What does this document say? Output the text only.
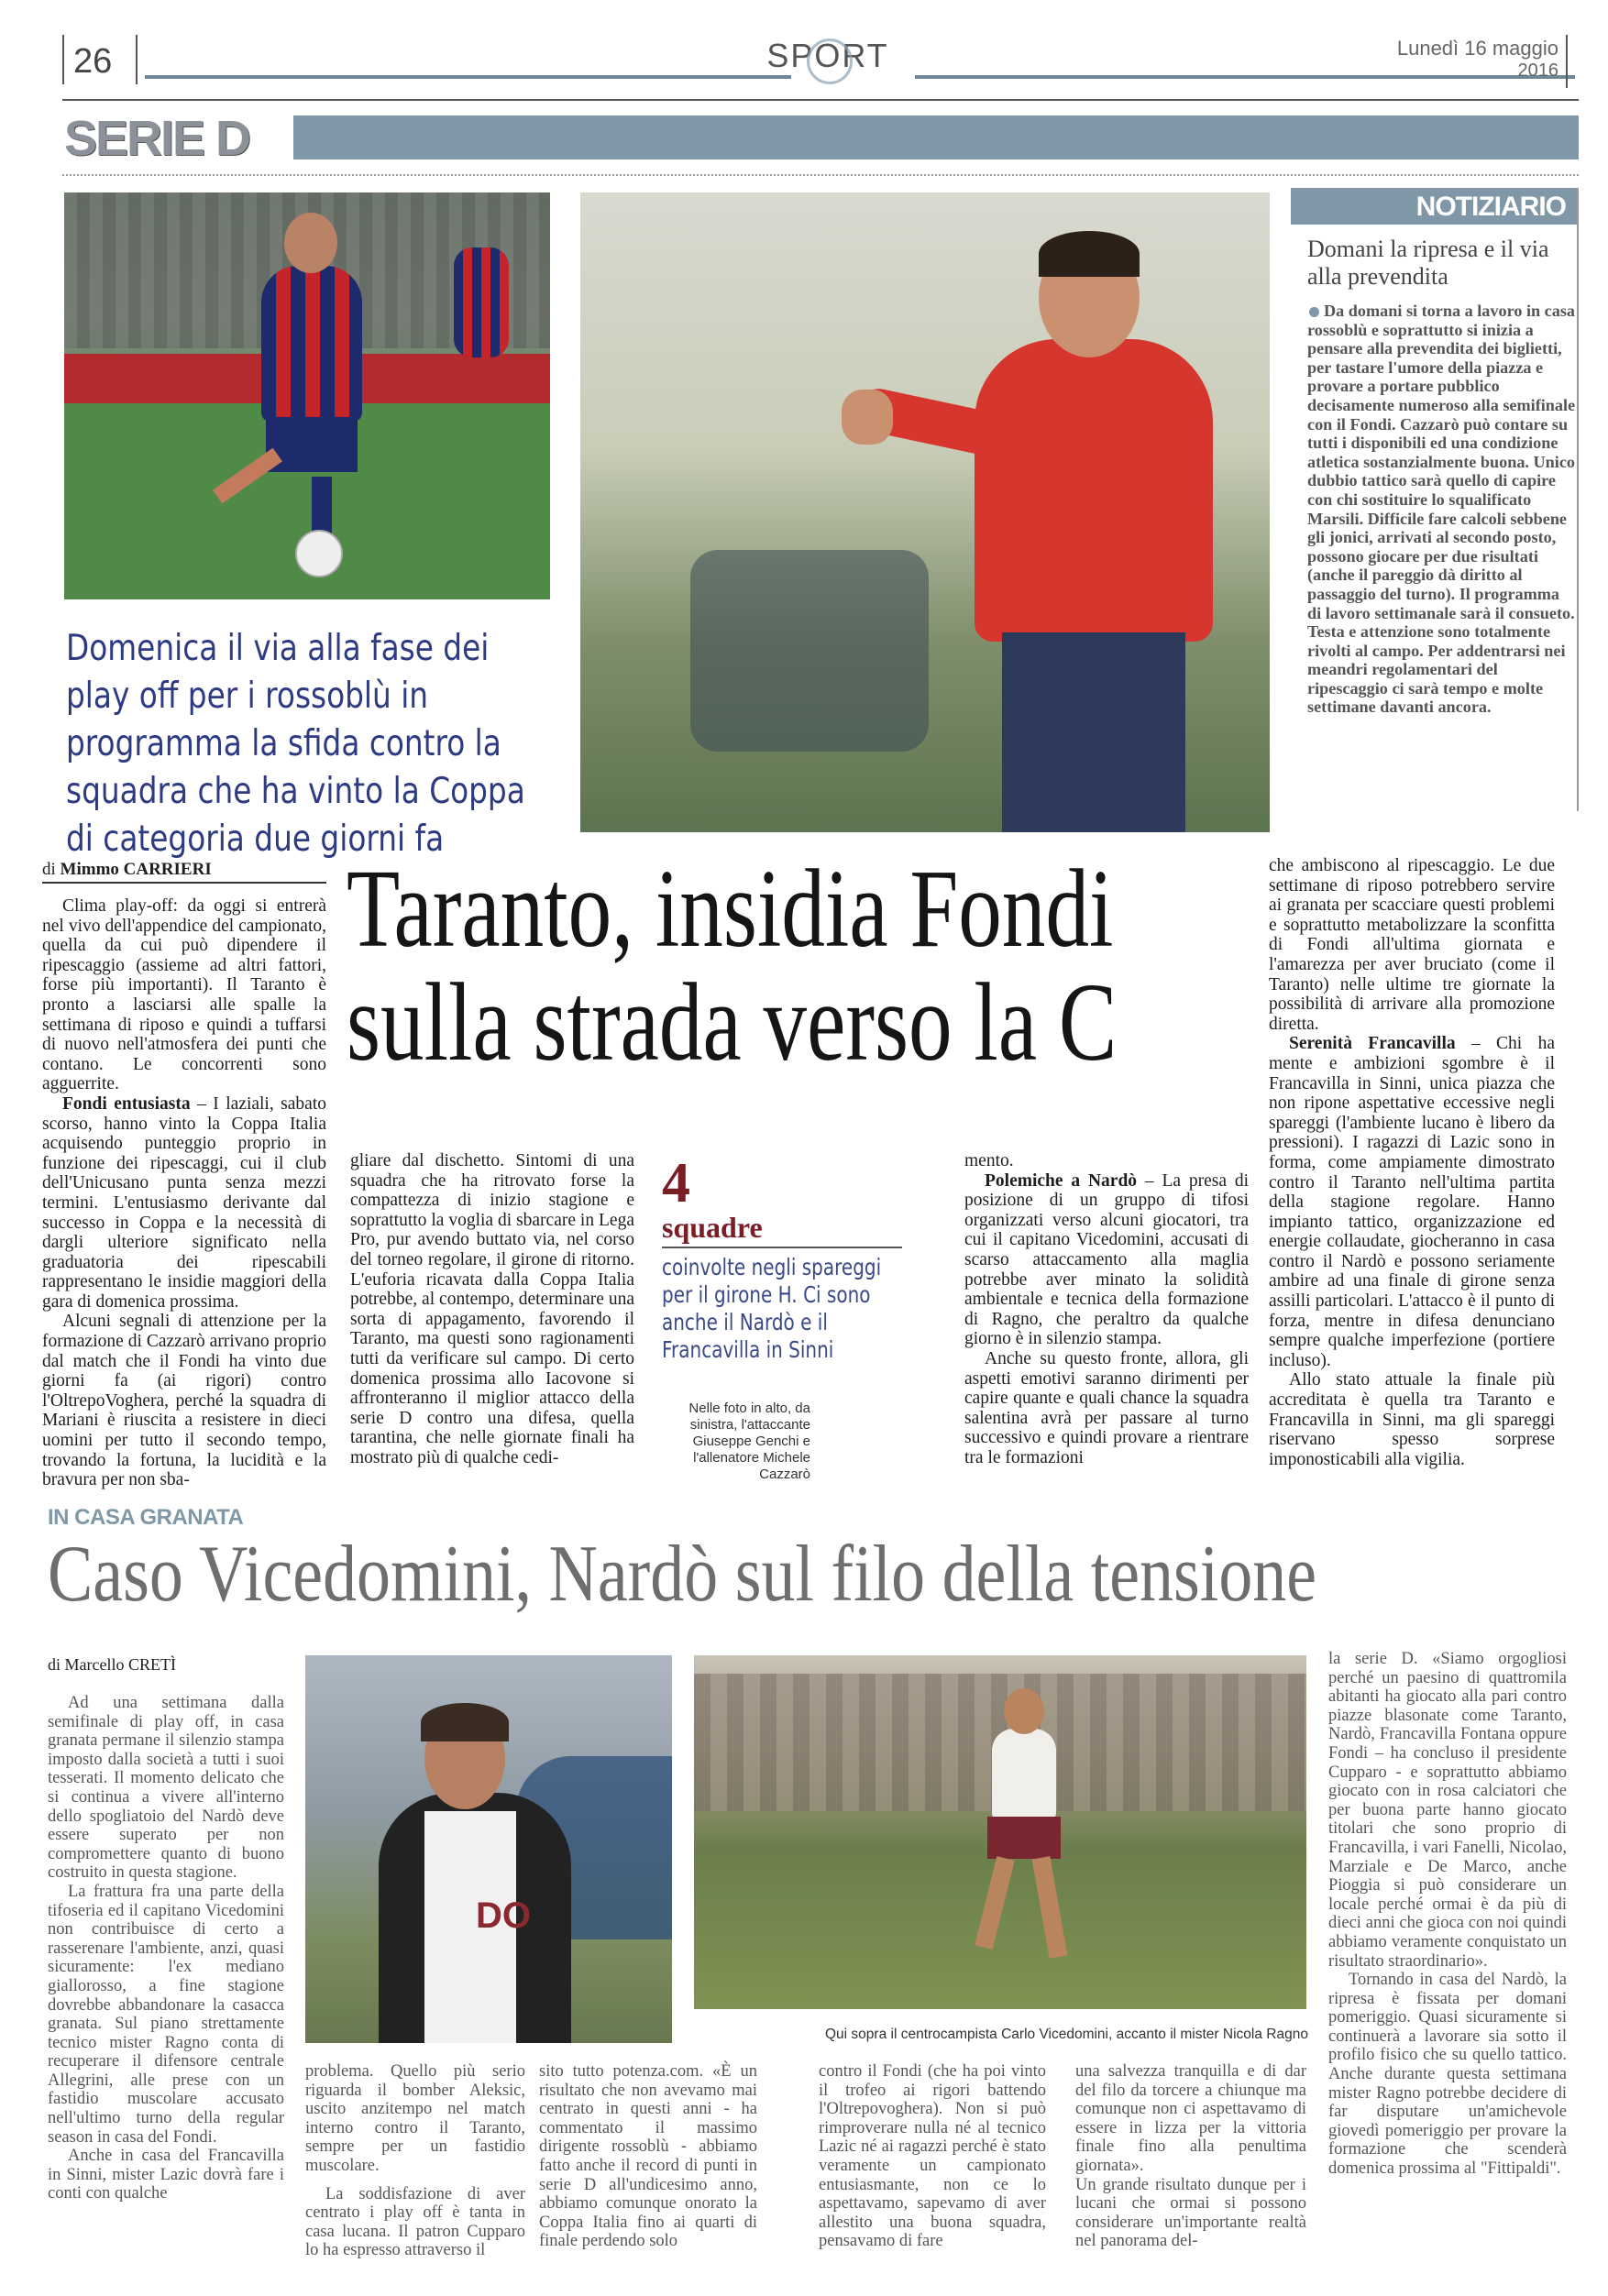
26	SPORT	Lunedì 16 maggio
2016
SERIE D
Domenica il via alla fase dei play off per i rossoblù in programma la sfida contro la squadra che ha vinto la Coppa di categoria due giorni fa
NOTIZIARIO
Domani la ripresa e il via alla prevendita
Da domani si torna a lavoro in casa rossoblù e soprattutto si inizia a pensare alla prevendita dei biglietti, per tastare l'umore della piazza e provare a portare pubblico decisamente numeroso alla semifinale con il Fondi. Cazzarò può contare su tutti i disponibili ed una condizione atletica sostanzialmente buona. Unico dubbio tattico sarà quello di capire con chi sostituire lo squalificato Marsili. Difficile fare calcoli sebbene gli jonici, arrivati al secondo posto, possono giocare per due risultati (anche il pareggio dà diritto al passaggio del turno). Il programma di lavoro settimanale sarà il consueto. Testa e attenzione sono totalmente rivolti al campo. Per addentrarsi nei meandri regolamentari del ripescaggio ci sarà tempo e molte settimane davanti ancora.
di Mimmo CARRIERI

Clima play-off: da oggi si entrerà nel vivo dell'appendice del campionato, quella da cui può dipendere il ripescaggio (assieme ad altri fattori, forse più importanti). Il Taranto è pronto a lasciarsi alle spalle la settimana di riposo e quindi a tuffarsi di nuovo nell'atmosfera dei punti che contano. Le concorrenti sono agguerrite.

Fondi entusiasta – I laziali, sabato scorso, hanno vinto la Coppa Italia acquisendo punteggio proprio in funzione dei ripescaggi, cui il club dell'Unicusano punta senza mezzi termini. L'entusiasmo derivante dal successo in Coppa e la necessità di dargli ulteriore significato nella graduatoria dei ripescabili rappresentano le insidie maggiori della gara di domenica prossima.

Alcuni segnali di attenzione per la formazione di Cazzarò arrivano proprio dal match che il Fondi ha vinto due giorni fa (ai rigori) contro l'OltrepoVoghera, perché la squadra di Mariani è riuscita a resistere in dieci uomini per tutto il secondo tempo, trovando la fortuna, la lucidità e la bravura per non sba-

Taranto, insidia Fondi sulla strada verso la C
gliare dal dischetto. Sintomi di una squadra che ha ritrovato forse la compattezza di inizio stagione e soprattutto la voglia di sbarcare in Lega Pro, pur avendo buttato via, nel corso del torneo regolare, il girone di ritorno. L'euforia ricavata dalla Coppa Italia potrebbe, al contempo, determinare una sorta di appagamento, favorendo il Taranto, ma questi sono ragionamenti tutti da verificare sul campo. Di certo domenica prossima allo Iacovone si affronteranno il miglior attacco della serie D contro una difesa, quella tarantina, che nelle giornate finali ha mostrato più di qualche cedi-
4
squadre
coinvolte negli spareggi per il girone H. Ci sono anche il Nardò e il Francavilla in Sinni
Nelle foto in alto, da sinistra, l'attaccante Giuseppe Genchi e l'allenatore Michele Cazzarò

mento.

Polemiche a Nardò – La presa di posizione di un gruppo di tifosi organizzati verso alcuni giocatori, tra cui il capitano Vicedomini, accusati di scarso attaccamento alla maglia potrebbe aver minato la solidità ambientale e tecnica della formazione di Ragno, che peraltro da qualche giorno è in silenzio stampa.

Anche su questo fronte, allora, gli aspetti emotivi saranno dirimenti per capire quante e quali chance la squadra salentina avrà per passare al turno successivo e quindi provare a rientrare tra le formazioni

che ambiscono al ripescaggio. Le due settimane di riposo potrebbero servire ai granata per scacciare questi problemi e soprattutto metabolizzare la sconfitta di Fondi all'ultima giornata e l'amarezza per aver bruciato (come il Taranto) nelle ultime tre giornate la possibilità di arrivare alla promozione diretta.

Serenità Francavilla – Chi ha mente e ambizioni sgombre è il Francavilla in Sinni, unica piazza che non ripone aspettative eccessive negli spareggi (l'ambiente lucano è libero da pressioni). I ragazzi di Lazic sono in forma, come ampiamente dimostrato contro il Taranto nell'ultima partita della stagione regolare. Hanno impianto tattico, organizzazione ed energie collaudate, giocheranno in casa contro il Nardò e possono seriamente ambire ad una finale di girone senza assilli particolari. L'attacco è il punto di forza, mentre in difesa denunciano sempre qualche imperfezione (portiere incluso).

Allo stato attuale la finale più accreditata è quella tra Taranto e Francavilla in Sinni, ma gli spareggi riservano spesso sorprese imponosticabili alla vigilia.

IN CASA GRANATA
Caso Vicedomini, Nardò sul filo della tensione
di Marcello CRETÌ

Ad una settimana dalla semifinale di play off, in casa granata permane il silenzio stampa imposto dalla società a tutti i suoi tesserati. Il momento delicato che si continua a vivere all'interno dello spogliatoio del Nardò deve essere superato per non compromettere quanto di buono costruito in questa stagione.

La frattura fra una parte della tifoseria ed il capitano Vicedomini non contribuisce di certo a rasserenare l'ambiente, anzi, quasi sicuramente: l'ex mediano giallorosso, a fine stagione dovrebbe abbandonare la casacca granata. Sul piano strettamente tecnico mister Ragno conta di recuperare il difensore centrale Allegrini, alle prese con un fastidio muscolare accusato nell'ultimo turno della regular season in casa del Fondi.

Anche in casa del Francavilla in Sinni, mister Lazic dovrà fare i conti con qualche

DO
Qui sopra il centrocampista Carlo Vicedomini, accanto il mister Nicola Ragno

problema. Quello più serio riguarda il bomber Aleksic, uscito anzitempo nel match interno contro il Taranto, sempre per un fastidio muscolare.

La soddisfazione di aver centrato i play off è tanta in casa lucana. Il patron Cupparo lo ha espresso attraverso il

sito tutto potenza.com. «È un risultato che non avevamo mai centrato in questi anni - ha commentato il massimo dirigente rossoblù - abbiamo fatto anche il record di punti in serie D all'undicesimo anno, abbiamo comunque onorato la Coppa Italia fino ai quarti di finale perdendo solo
contro il Fondi (che ha poi vinto il trofeo ai rigori battendo l'Oltrepovoghera). Non si può rimproverare nulla né al tecnico Lazic né ai ragazzi perché è stato veramente un campionato entusiasmante, non ce lo aspettavamo, sapevamo di aver allestito una buona squadra, pensavamo di fare
una salvezza tranquilla e di dar del filo da torcere a chiunque ma comunque non ci aspettavamo di essere in lizza per la vittoria finale fino alla penultima giornata».
Un grande risultato dunque per i lucani che ormai si possono considerare un'importante realtà nel panorama del-

la serie D. «Siamo orgogliosi perché un paesino di quattromila abitanti ha giocato alla pari contro piazze blasonate come Taranto, Nardò, Francavilla Fontana oppure Fondi – ha concluso il presidente Cupparo - e soprattutto abbiamo giocato con in rosa calciatori che per buona parte hanno giocato titolari che sono proprio di Francavilla, i vari Fanelli, Nicolao, Marziale e De Marco, anche Pioggia si può considerare un locale perché ormai è da più di dieci anni che gioca con noi quindi abbiamo veramente conquistato un risultato straordinario».

Tornando in casa del Nardò, la ripresa è fissata per domani pomeriggio. Quasi sicuramente si continuerà a lavorare sia sotto il profilo fisico che su quello tattico. Anche durante questa settimana mister Ragno potrebbe decidere di far disputare un'amichevole giovedì pomeriggio per provare la formazione che scenderà domenica prossima al "Fittipaldi".
